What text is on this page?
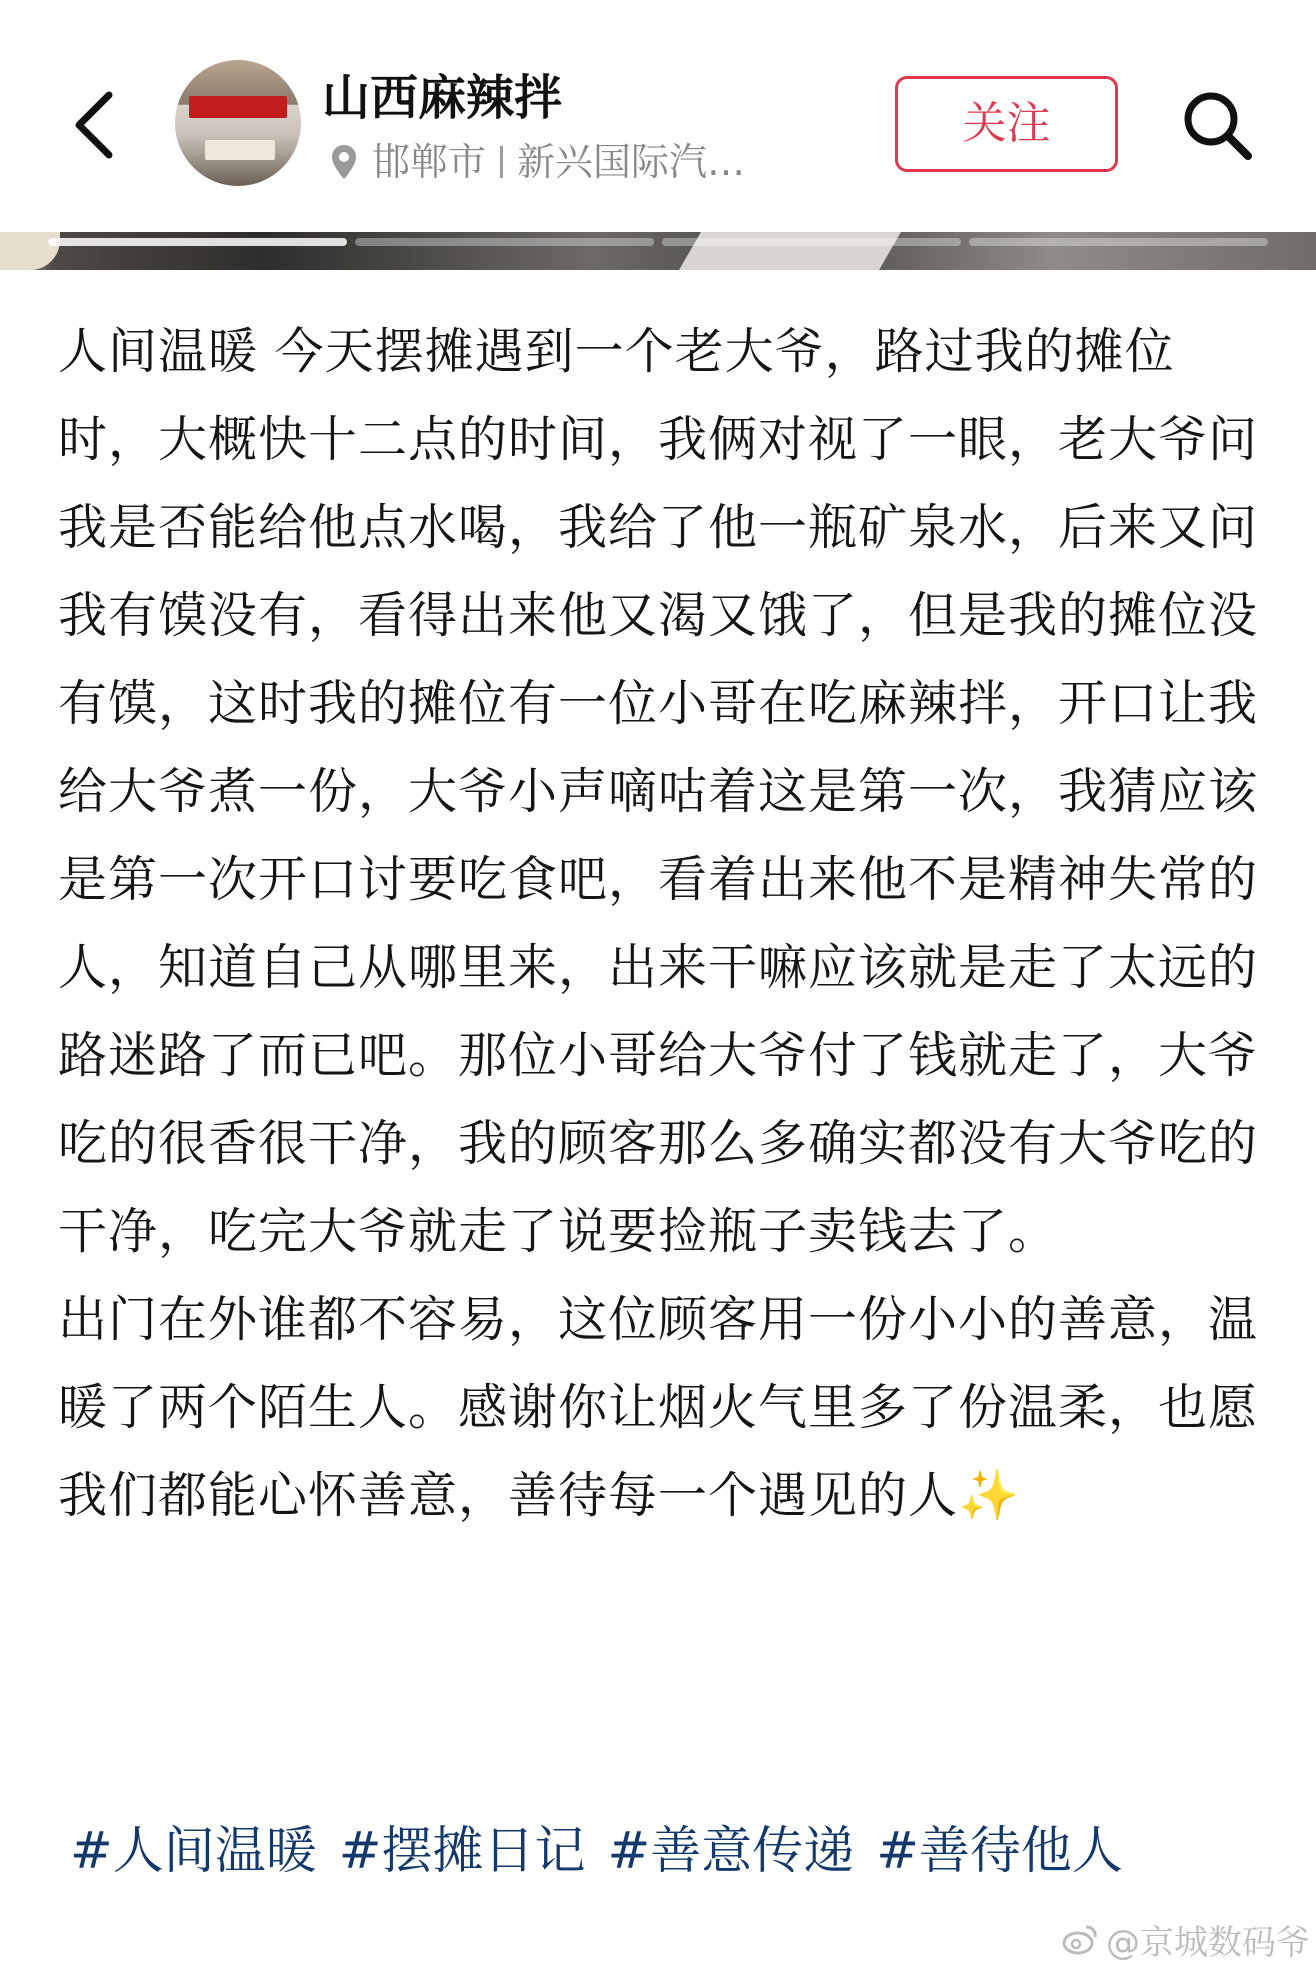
山西麻辣拌
邯郸市 新兴国际汽…
关注

人间温暖 今天摆摊遇到一个老大爷，路过我的摊位时，大概快十二点的时间，我俩对视了一眼，老大爷问我是否能给他点水喝，我给了他一瓶矿泉水，后来又问我有馍没有，看得出来他又渴又饿了，但是我的摊位没有馍，这时我的摊位有一位小哥在吃麻辣拌，开口让我给大爷煮一份，大爷小声嘀咕着这是第一次，我猜应该是第一次开口讨要吃食吧，看着出来他不是精神失常的人，知道自己从哪里来，出来干嘛应该就是走了太远的路迷路了而已吧。那位小哥给大爷付了钱就走了，大爷吃的很香很干净，我的顾客那么多确实都没有大爷吃的干净，吃完大爷就走了说要捡瓶子卖钱去了。

出门在外谁都不容易，这位顾客用一份小小的善意，温暖了两个陌生人。感谢你让烟火气里多了份温柔，也愿我们都能心怀善意，善待每一个遇见的人✨

#人间温暖 #摆摊日记 #善意传递 #善待他人
@京城数码爷
